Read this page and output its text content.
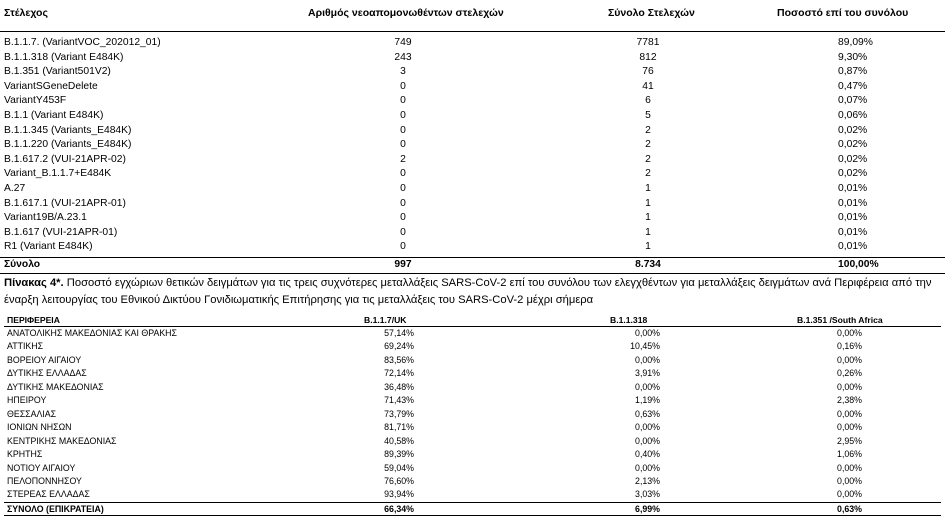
Στέλεχος	Αριθμός νεοαπομονωθέντων στελεχών	Σύνολο Στελεχών	Ποσοστό επί του συνόλου
B.1.1.7. (VariantVOC_202012_01)	749	7781	89,09%
B.1.1.318 (Variant E484K)	243	812	9,30%
B.1.351 (Variant501V2)	3	76	0,87%
VariantSGeneDelete	0	41	0,47%
VariantY453F	0	6	0,07%
B.1.1 (Variant E484K)	0	5	0,06%
B.1.1.345 (Variants_E484K)	0	2	0,02%
B.1.1.220 (Variants_E484K)	0	2	0,02%
B.1.617.2 (VUI-21APR-02)	2	2	0,02%
Variant_B.1.1.7+E484K	0	2	0,02%
A.27	0	1	0,01%
B.1.617.1 (VUI-21APR-01)	0	1	0,01%
Variant19B/A.23.1	0	1	0,01%
B.1.617 (VUI-21APR-01)	0	1	0,01%
R1 (Variant E484K)	0	1	0,01%
Σύνολο	997	8.734	100,00%
Πίνακας 4*. Ποσοστό εγχώριων θετικών δειγμάτων για τις τρεις συχνότερες μεταλλάξεις SARS-CoV-2 επί του συνόλου των ελεγχθέντων για μεταλλάξεις δειγμάτων ανά Περιφέρεια από την έναρξη λειτουργίας του Εθνικού Δικτύου Γονιδιωματικής Επιτήρησης για τις μεταλλάξεις του SARS-CoV-2 μέχρι σήμερα
ΠΕΡΙΦΕΡΕΙΑ	B.1.1.7/UK	B.1.1.318	B.1.351 /South Africa
ΑΝΑΤΟΛΙΚΗΣ ΜΑΚΕΔΟΝΙΑΣ ΚΑΙ ΘΡΑΚΗΣ	57,14%	0,00%	0,00%
ΑΤΤΙΚΗΣ	69,24%	10,45%	0,16%
ΒΟΡΕΙΟΥ ΑΙΓΑΙΟΥ	83,56%	0,00%	0,00%
ΔΥΤΙΚΗΣ ΕΛΛΑΔΑΣ	72,14%	3,91%	0,26%
ΔΥΤΙΚΗΣ ΜΑΚΕΔΟΝΙΑΣ	36,48%	0,00%	0,00%
ΗΠΕΙΡΟΥ	71,43%	1,19%	2,38%
ΘΕΣΣΑΛΙΑΣ	73,79%	0,63%	0,00%
ΙΟΝΙΩΝ ΝΗΣΩΝ	81,71%	0,00%	0,00%
ΚΕΝΤΡΙΚΗΣ ΜΑΚΕΔΟΝΙΑΣ	40,58%	0,00%	2,95%
ΚΡΗΤΗΣ	89,39%	0,40%	1,06%
ΝΟΤΙΟΥ ΑΙΓΑΙΟΥ	59,04%	0,00%	0,00%
ΠΕΛΟΠΟΝΝΗΣΟΥ	76,60%	2,13%	0,00%
ΣΤΕΡΕΑΣ ΕΛΛΑΔΑΣ	93,94%	3,03%	0,00%
ΣΥΝΟΛΟ (ΕΠΙΚΡΑΤΕΙΑ)	66,34%	6,99%	0,63%
